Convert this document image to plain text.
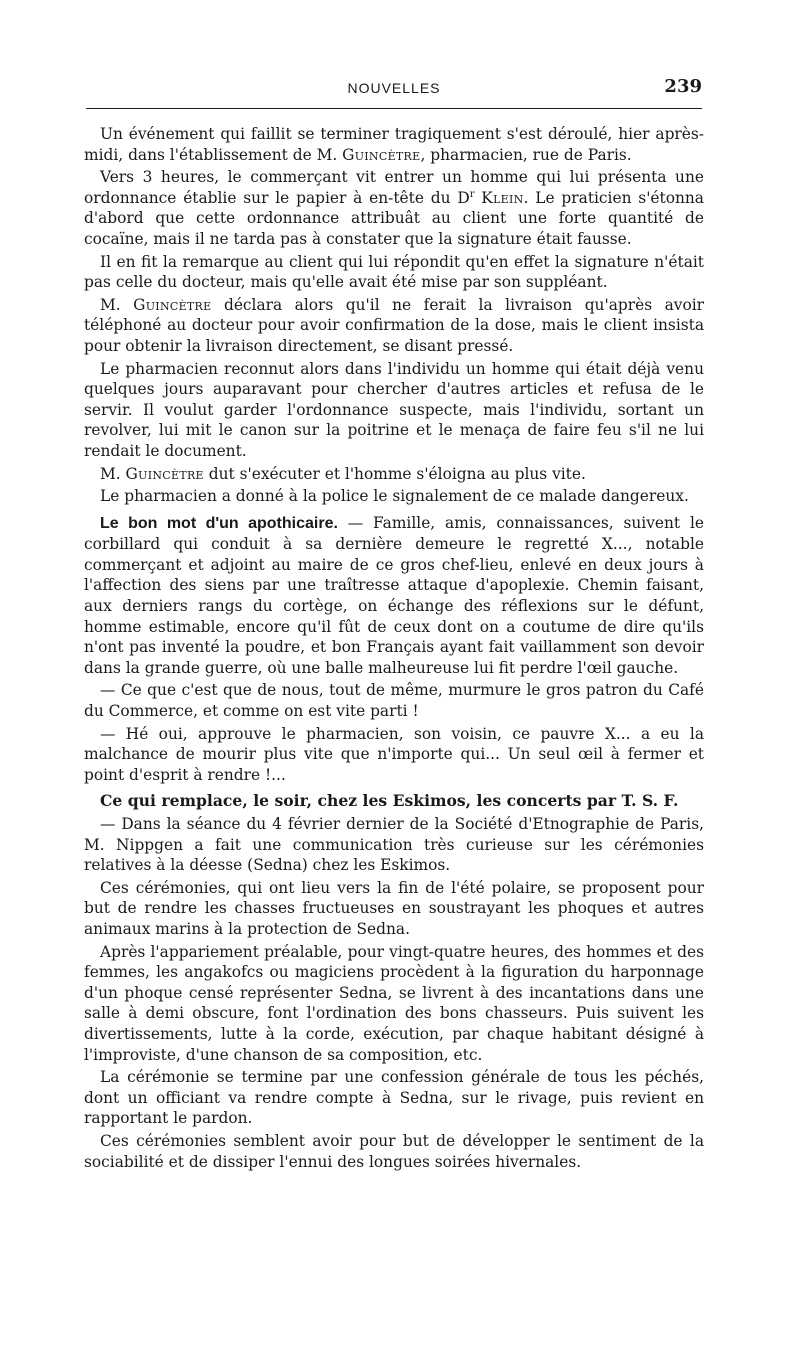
NOUVELLES	239

Un événement qui faillit se terminer tragiquement s'est déroulé, hier après-midi, dans l'établissement de M. Guincètre, pharmacien, rue de Paris.

Vers 3 heures, le commerçant vit entrer un homme qui lui présenta une ordonnance établie sur le papier à en-tête du $D^r$ Klein. Le praticien s'étonna d'abord que cette ordonnance attribuât au client une forte quantité de cocaïne, mais il ne tarda pas à constater que la signature était fausse.

Il en fit la remarque au client qui lui répondit qu'en effet la signature n'était pas celle du docteur, mais qu'elle avait été mise par son suppléant.

M. Guincètre déclara alors qu'il ne ferait la livraison qu'après avoir téléphoné au docteur pour avoir confirmation de la dose, mais le client insista pour obtenir la livraison directement, se disant pressé.

Le pharmacien reconnut alors dans l'individu un homme qui était déjà venu quelques jours auparavant pour chercher d'autres articles et refusa de le servir. Il voulut garder l'ordonnance suspecte, mais l'individu, sortant un revolver, lui mit le canon sur la poitrine et le menaça de faire feu s'il ne lui rendait le document.

M. Guincètre dut s'exécuter et l'homme s'éloigna au plus vite.

Le pharmacien a donné à la police le signalement de ce malade dangereux.

Le bon mot d'un apothicaire. — Famille, amis, connaissances, suivent le corbillard qui conduit à sa dernière demeure le regretté X..., notable commerçant et adjoint au maire de ce gros chef-lieu, enlevé en deux jours à l'affection des siens par une traîtresse attaque d'apoplexie. Chemin faisant, aux derniers rangs du cortège, on échange des réflexions sur le défunt, homme estimable, encore qu'il fût de ceux dont on a coutume de dire qu'ils n'ont pas inventé la poudre, et bon Français ayant fait vaillamment son devoir dans la grande guerre, où une balle malheureuse lui fit perdre l'œil gauche.

— Ce que c'est que de nous, tout de même, murmure le gros patron du Café du Commerce, et comme on est vite parti !

— Hé oui, approuve le pharmacien, son voisin, ce pauvre X... a eu la malchance de mourir plus vite que n'importe qui... Un seul œil à fermer et point d'esprit à rendre !...

Ce qui remplace, le soir, chez les Eskimos, les concerts par T. S. F.

— Dans la séance du 4 février dernier de la Société d'Etnographie de Paris, M. Nippgen a fait une communication très curieuse sur les cérémonies relatives à la déesse (Sedna) chez les Eskimos.

Ces cérémonies, qui ont lieu vers la fin de l'été polaire, se proposent pour but de rendre les chasses fructueuses en soustrayant les phoques et autres animaux marins à la protection de Sedna.

Après l'appariement préalable, pour vingt-quatre heures, des hommes et des femmes, les angakofcs ou magiciens procèdent à la figuration du harponnage d'un phoque censé représenter Sedna, se livrent à des incantations dans une salle à demi obscure, font l'ordination des bons chasseurs. Puis suivent les divertissements, lutte à la corde, exécution, par chaque habitant désigné à l'improviste, d'une chanson de sa composition, etc.

La cérémonie se termine par une confession générale de tous les péchés, dont un officiant va rendre compte à Sedna, sur le rivage, puis revient en rapportant le pardon.

Ces cérémonies semblent avoir pour but de développer le sentiment de la sociabilité et de dissiper l'ennui des longues soirées hivernales.
